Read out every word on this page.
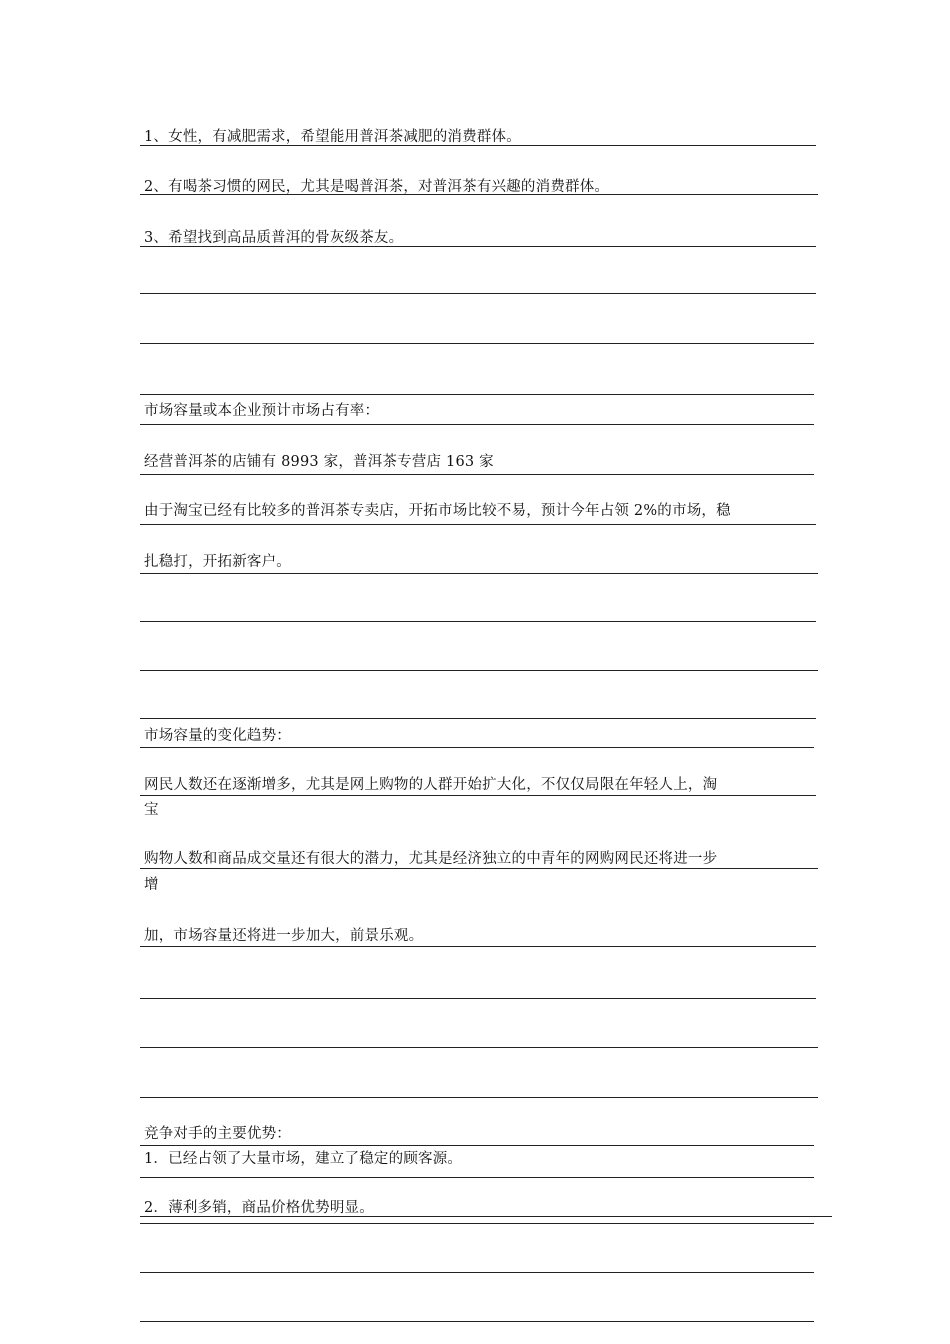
1、女性，有减肥需求，希望能用普洱茶减肥的消费群体。
2、有喝茶习惯的网民，尤其是喝普洱茶，对普洱茶有兴趣的消费群体。
3、希望找到高品质普洱的骨灰级茶友。
市场容量或本企业预计市场占有率：
经营普洱茶的店铺有 8993 家，普洱茶专营店 163 家
由于淘宝已经有比较多的普洱茶专卖店，开拓市场比较不易，预计今年占领 2%的市场，稳
扎稳打，开拓新客户。
市场容量的变化趋势：
网民人数还在逐渐增多，尤其是网上购物的人群开始扩大化，不仅仅局限在年轻人上，淘
宝
购物人数和商品成交量还有很大的潜力，尤其是经济独立的中青年的网购网民还将进一步
增
加，市场容量还将进一步加大，前景乐观。
竞争对手的主要优势：
1．已经占领了大量市场，建立了稳定的顾客源。
2．薄利多销，商品价格优势明显。
